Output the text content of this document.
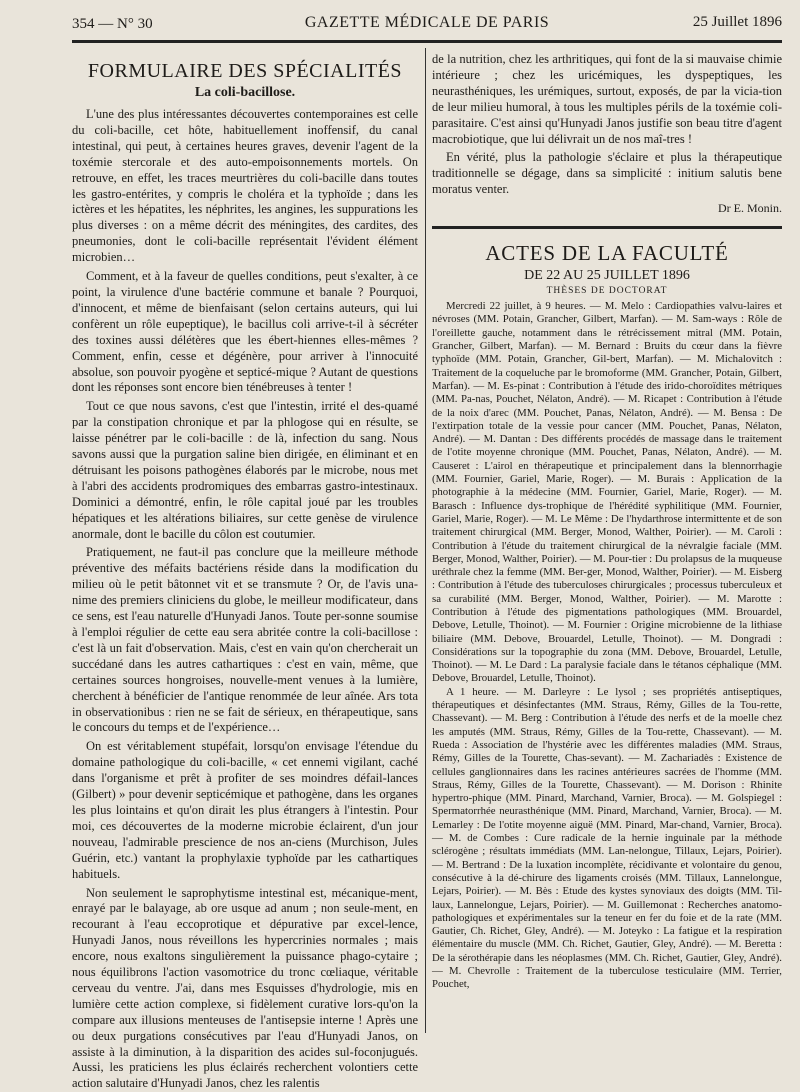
354 — N° 30	GAZETTE MÉDICALE DE PARIS	25 Juillet 1896
FORMULAIRE DES SPÉCIALITÉS
La coli-bacillose.

L'une des plus intéressantes découvertes contemporaines est celle du coli-bacille, cet hôte, habituellement inoffensif, du canal intestinal, qui peut, à certaines heures graves, devenir l'agent de la toxémie stercorale et des auto-empoisonnements mortels. On retrouve, en effet, les traces meurtrières du coli-bacille dans toutes les gastro-entérites, y compris le choléra et la typhoïde ; dans les ictères et les hépatites, les néphrites, les angines, les suppurations les plus diverses : on a même décrit des méningites, des cardites, des pneumonies, dont le coli-bacille représentait l'évident élément microbien…

Comment, et à la faveur de quelles conditions, peut s'exalter, à ce point, la virulence d'une bactérie commune et banale ? Pourquoi, d'innocent, et même de bienfaisant (selon certains auteurs, qui lui confèrent un rôle eupeptique), le bacillus coli arrive-t-il à sécréter des toxines aussi délétères que les ébert-hiennes elles-mêmes ? Comment, enfin, cesse et dégénère, pour arriver à l'innocuité absolue, son pouvoir pyogène et septicé-mique ? Autant de questions dont les réponses sont encore bien ténébreuses à tenter !

Tout ce que nous savons, c'est que l'intestin, irrité el des-quamé par la constipation chronique et par la phlogose qui en résulte, se laisse pénétrer par le coli-bacille : de là, infection du sang. Nous savons aussi que la purgation saline bien dirigée, en éliminant et en détruisant les poisons pathogènes élaborés par le microbe, nous met à l'abri des accidents prodromiques des embarras gastro-intestinaux. Dominici a démontré, enfin, le rôle capital joué par les troubles hépatiques et les altérations biliaires, sur cette genèse de virulence anormale, dont le bacille du côlon est coutumier.

Pratiquement, ne faut-il pas conclure que la meilleure méthode préventive des méfaits bactériens réside dans la modification du milieu où le petit bâtonnet vit et se transmute ? Or, de l'avis una-nime des premiers cliniciens du globe, le meilleur modificateur, dans ce sens, est l'eau naturelle d'Hunyadi Janos. Toute per-sonne soumise à l'emploi régulier de cette eau sera abritée contre la coli-bacillose : c'est là un fait d'observation. Mais, c'est en vain qu'on chercherait un succédané dans les autres cathartiques : c'est en vain, même, que certaines sources hongroises, nouvelle-ment venues à la lumière, cherchent à bénéficier de l'antique renommée de leur aînée. Ars tota in observationibus : rien ne se fait de sérieux, en thérapeutique, sans le concours du temps et de l'expérience…

On est véritablement stupéfait, lorsqu'on envisage l'étendue du domaine pathologique du coli-bacille, « cet ennemi vigilant, caché dans l'organisme et prêt à profiter de ses moindres défail-lances (Gilbert) » pour devenir septicémique et pathogène, dans les organes les plus lointains et qu'on dirait les plus étrangers à l'intestin. Pour moi, ces découvertes de la moderne microbie éclairent, d'un jour nouveau, l'admirable prescience de nos an-ciens (Murchison, Jules Guérin, etc.) vantant la prophylaxie typhoïde par les cathartiques habituels.

Non seulement le saprophytisme intestinal est, mécanique-ment, enrayé par le balayage, ab ore usque ad anum ; non seule-ment, en recourant à l'eau eccoprotique et dépurative par excel-lence, Hunyadi Janos, nous réveillons les hypercrinies normales ; mais encore, nous exaltons singulièrement la puissance phago-cytaire ; nous équilibrons l'action vasomotrice du tronc cœliaque, véritable cerveau du ventre. J'ai, dans mes Esquisses d'hydrologie, mis en lumière cette action complexe, si fidèlement curative lors-qu'on la compare aux illusions menteuses de l'antisepsie interne ! Après une ou deux purgations consécutives par l'eau d'Hunyadi Janos, on assiste à la diminution, à la disparition des acides sul-foconjugués. Aussi, les praticiens les plus éclairés recherchent volontiers cette action salutaire d'Hunyadi Janos, chez les ralentis

de la nutrition, chez les arthritiques, qui font de la si mauvaise chimie intérieure ; chez les uricémiques, les dyspeptiques, les neurasthéniques, les urémiques, surtout, exposés, de par la vicia-tion de leur milieu humoral, à tous les multiples périls de la toxémie coli-parasitaire. C'est ainsi qu'Hunyadi Janos justifie son beau titre d'agent macrobiotique, que lui délivrait un de nos maî-tres !

En vérité, plus la pathologie s'éclaire et plus la thérapeutique traditionnelle se dégage, dans sa simplicité : initium salutis bene moratus venter.

Dr E. Monin.
ACTES DE LA FACULTÉ
DE 22 AU 25 JUILLET 1896
THÈSES DE DOCTORAT

Mercredi 22 juillet, à 9 heures. — M. Melo : Cardiopathies valvu-laires et névroses (MM. Potain, Grancher, Gilbert, Marfan). — M. Sam-ways : Rôle de l'oreillette gauche, notamment dans le rétrécissement mitral (MM. Potain, Grancher, Gilbert, Marfan). — M. Bernard : Bruits du cœur dans la fièvre typhoïde (MM. Potain, Grancher, Gil-bert, Marfan). — M. Michalovitch : Traitement de la coqueluche par le bromoforme (MM. Grancher, Potain, Gilbert, Marfan). — M. Es-pinat : Contribution à l'étude des irido-choroïdites métriques (MM. Pa-nas, Pouchet, Nélaton, André). — M. Ricapet : Contribution à l'étude de la noix d'arec (MM. Pouchet, Panas, Nélaton, André). — M. Bensa : De l'extirpation totale de la vessie pour cancer (MM. Pouchet, Panas, Nélaton, André). — M. Dantan : Des différents procédés de massage dans le traitement de l'otite moyenne chronique (MM. Pouchet, Panas, Nélaton, André). — M. Causeret : L'airol en thérapeutique et principalement dans la blennorrhagie (MM. Fournier, Gariel, Marie, Roger). — M. Burais : Application de la photographie à la médecine (MM. Fournier, Gariel, Marie, Roger). — M. Barasch : Influence dys-trophique de l'hérédité syphilitique (MM. Fournier, Gariel, Marie, Roger). — M. Le Même : De l'hydarthrose intermittente et de son traitement chirurgical (MM. Berger, Monod, Walther, Poirier). — M. Caroli : Contribution à l'étude du traitement chirurgical de la névralgie faciale (MM. Berger, Monod, Walther, Poirier). — M. Pour-tier : Du prolapsus de la muqueuse uréthrale chez la femme (MM. Ber-ger, Monod, Walther, Poirier). — M. Eisberg : Contribution à l'étude des tuberculoses chirurgicales ; processus tuberculeux et sa curabilité (MM. Berger, Monod, Walther, Poirier). — M. Marotte : Contribution à l'étude des pigmentations pathologiques (MM. Brouardel, Debove, Letulle, Thoinot). — M. Fournier : Origine microbienne de la lithiase biliaire (MM. Debove, Brouardel, Letulle, Thoinot). — M. Dongradi : Considérations sur la topographie du zona (MM. Debove, Brouardel, Letulle, Thoinot). — M. Le Dard : La paralysie faciale dans le tétanos céphalique (MM. Debove, Brouardel, Letulle, Thoinot).

A 1 heure. — M. Darleyre : Le lysol ; ses propriétés antiseptiques, thérapeutiques et désinfectantes (MM. Straus, Rémy, Gilles de la Tou-rette, Chassevant). — M. Berg : Contribution à l'étude des nerfs et de la moelle chez les amputés (MM. Straus, Rémy, Gilles de la Tou-rette, Chassevant). — M. Rueda : Association de l'hystérie avec les différentes maladies (MM. Straus, Rémy, Gilles de la Tourette, Chas-sevant). — M. Zachariadès : Existence de cellules ganglionnaires dans les racines antérieures sacrées de l'homme (MM. Straus, Rémy, Gilles de la Tourette, Chassevant). — M. Dorison : Rhinite hypertro-phique (MM. Pinard, Marchand, Varnier, Broca). — M. Golspiegel : Spermatorrhée neurasthénique (MM. Pinard, Marchand, Varnier, Broca). — M. Lemarley : De l'otite moyenne aiguë (MM. Pinard, Mar-chand, Varnier, Broca). — M. de Combes : Cure radicale de la hernie inguinale par la méthode sclérogène ; résultats immédiats (MM. Lan-nelongue, Tillaux, Lejars, Poirier). — M. Bertrand : De la luxation incomplète, récidivante et volontaire du genou, consécutive à la dé-chirure des ligaments croisés (MM. Tillaux, Lannelongue, Lejars, Poirier). — M. Bès : Etude des kystes synoviaux des doigts (MM. Til-laux, Lannelongue, Lejars, Poirier). — M. Guillemonat : Recherches anatomo-pathologiques et expérimentales sur la teneur en fer du foie et de la rate (MM. Gautier, Ch. Richet, Gley, André). — M. Joteyko : La fatigue et la respiration élémentaire du muscle (MM. Ch. Richet, Gautier, Gley, André). — M. Beretta : De la sérothérapie dans les néoplasmes (MM. Ch. Richet, Gautier, Gley, André). — M. Chevrolle : Traitement de la tuberculose testiculaire (MM. Terrier, Pouchet,
